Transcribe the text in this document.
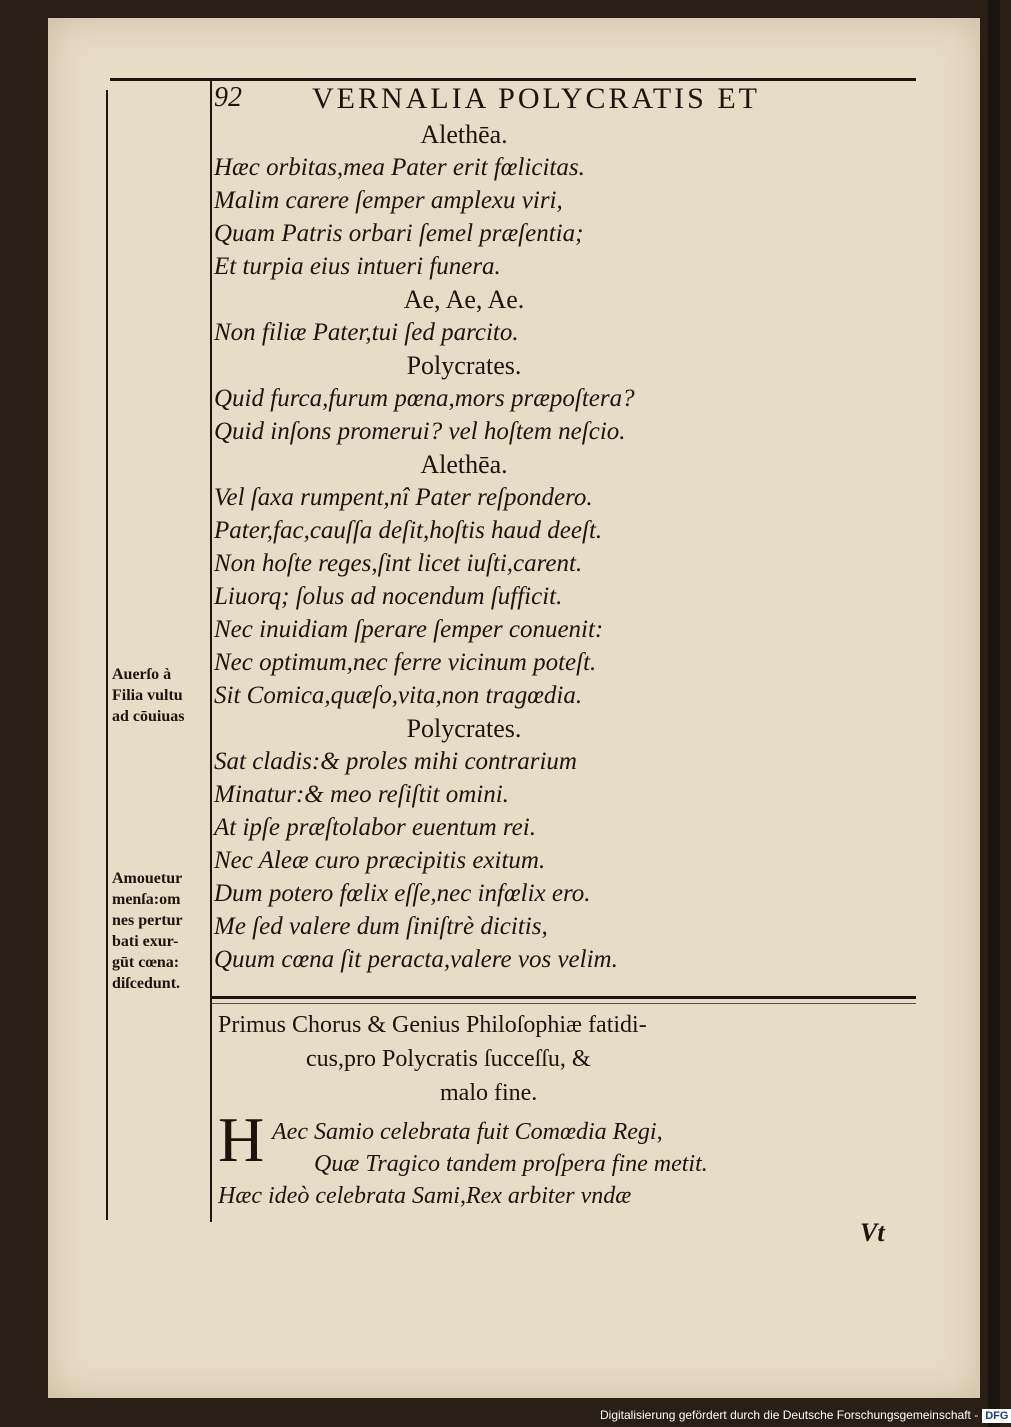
92 VERNALIA POLYCRATIS ET
Alethēa.
Hæc orbitas,mea Pater erit fœlicitas.
Malim carere ſemper amplexu viri,
Quam Patris orbari ſemel præſentia;
Et turpia eius intueri funera.
Ae, Ae, Ae.
Non filiæ Pater,tui ſed parcito.
Polycrates.
Quid furca,furum pœna,mors præpoſtera?
Quid inſons promerui? vel hoſtem neſcio.
Alethēa.
Vel ſaxa rumpent,nî Pater reſpondero.
Pater,fac,cauſſa deſit,hoſtis haud deeſt.
Non hoſte reges,ſint licet iuſti,carent.
Liuorq; ſolus ad nocendum ſufficit.
Nec inuidiam ſperare ſemper conuenit:
Nec optimum,nec ferre vicinum poteſt.
Sit Comica,quæſo,vita,non tragœdia.
Polycrates.
Sat cladis:& proles mihi contrarium
Minatur:& meo reſiſtit omini.
At ipſe præſtolabor euentum rei.
Nec Aleæ curo præcipitis exitum.
Dum potero fœlix eſſe,nec infœlix ero.
Me ſed valere dum ſiniſtrè dicitis,
Quum cœna ſit peracta,valere vos velim.
Auerſo à
Filia vultu
ad cōuiuas
Amouetur
menſa:om
nes pertur
bati exur-
gūt cœna:
diſcedunt.
Primus Chorus & Genius Philoſophiæ fatidi-
cus,pro Polycratis ſucceſſu, &
malo fine.
H Aec Samio celebrata fuit Comœdia Regi,
Quæ Tragico tandem proſpera fine metit.
Hæc ideò celebrata Sami,Rex arbiter vndæ
Vt
Digitalisierung gefördert durch die Deutsche Forschungsgemeinschaft - DFG
